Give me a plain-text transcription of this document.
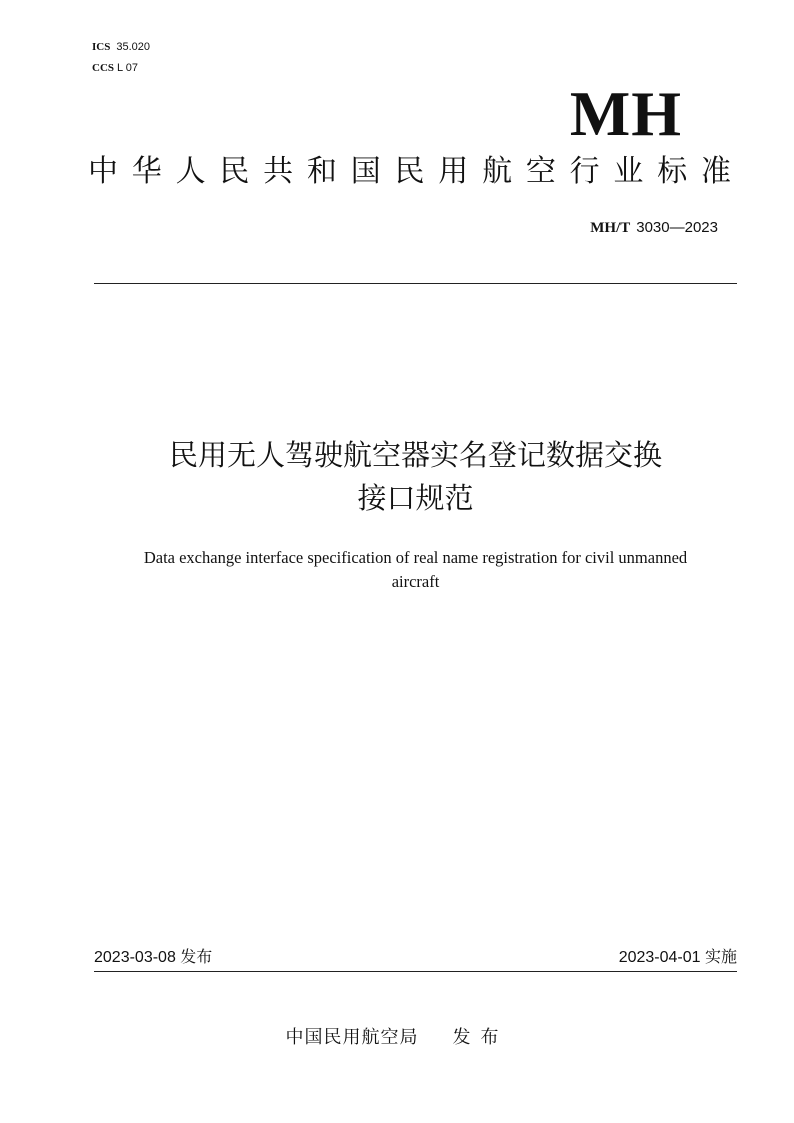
ICS 35.020
CCS L 07
MH
中华人民共和国民用航空行业标准
MH/T 3030—2023
民用无人驾驶航空器实名登记数据交换
接口规范
Data exchange interface specification of real name registration for civil unmanned
aircraft
2023-03-08 发布	2023-04-01 实施
中国民用航空局 发布
